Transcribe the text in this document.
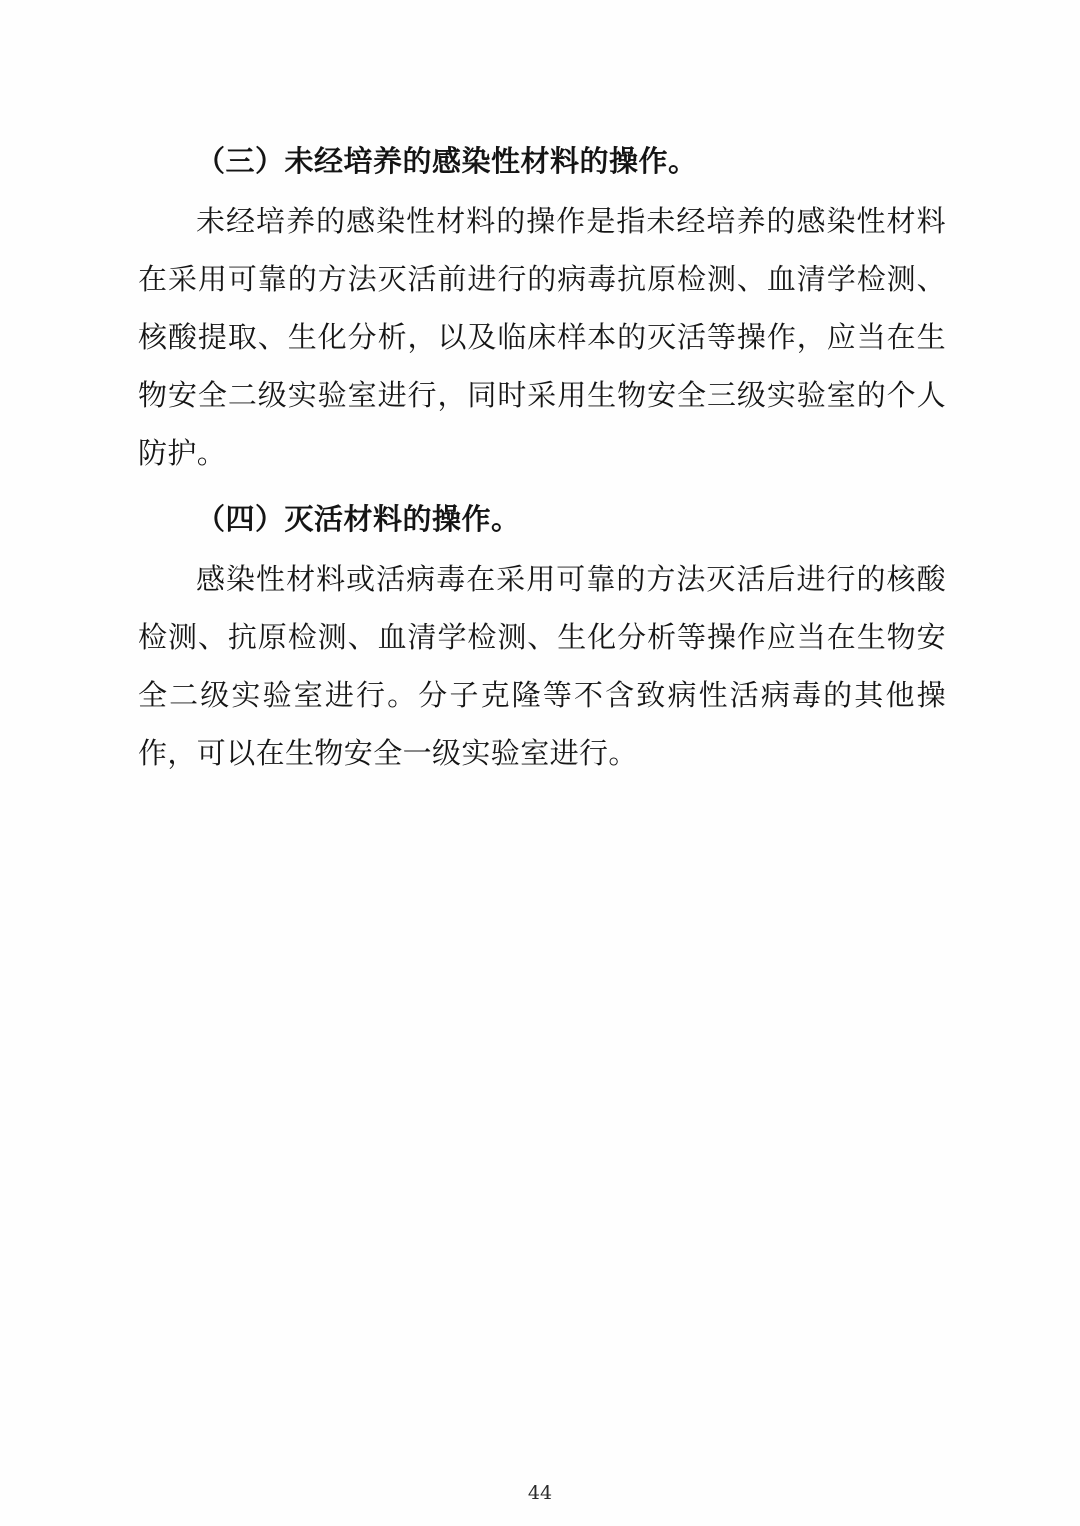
（三）未经培养的感染性材料的操作。

未经培养的感染性材料的操作是指未经培养的感染性材料在采用可靠的方法灭活前进行的病毒抗原检测、血清学检测、核酸提取、生化分析，以及临床样本的灭活等操作，应当在生物安全二级实验室进行，同时采用生物安全三级实验室的个人防护。

（四）灭活材料的操作。

感染性材料或活病毒在采用可靠的方法灭活后进行的核酸检测、抗原检测、血清学检测、生化分析等操作应当在生物安全二级实验室进行。分子克隆等不含致病性活病毒的其他操作，可以在生物安全一级实验室进行。

44
